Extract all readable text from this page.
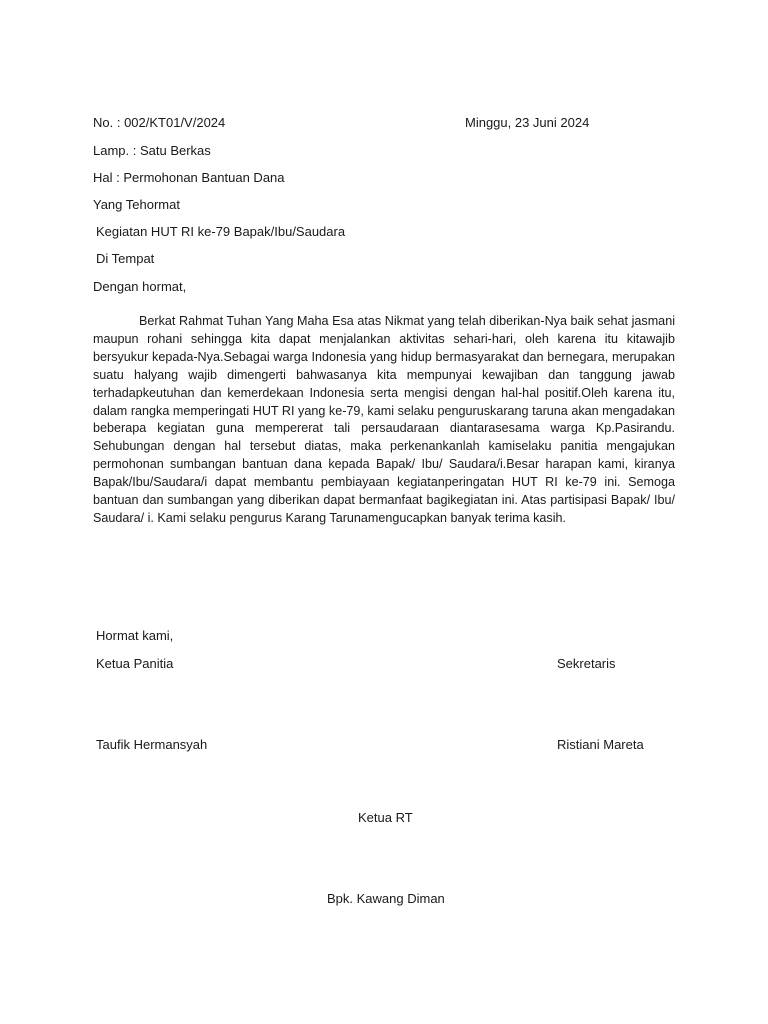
No. : 002/KT01/V/2024	Minggu, 23 Juni 2024
Lamp. : Satu Berkas
Hal : Permohonan Bantuan Dana
Yang Tehormat
Kegiatan HUT RI ke-79 Bapak/Ibu/Saudara
Di Tempat
Dengan hormat,

Berkat Rahmat Tuhan Yang Maha Esa atas Nikmat yang telah diberikan-Nya baik sehat jasmani maupun rohani sehingga kita dapat menjalankan aktivitas sehari-hari, oleh karena itu kitawajib bersyukur kepada-Nya.Sebagai warga Indonesia yang hidup bermasyarakat dan bernegara, merupakan suatu halyang wajib dimengerti bahwasanya kita mempunyai kewajiban dan tanggung jawab terhadapkeutuhan dan kemerdekaan Indonesia serta mengisi dengan hal-hal positif.Oleh karena itu, dalam rangka memperingati HUT RI yang ke-79, kami selaku penguruskarang taruna akan mengadakan beberapa kegiatan guna mempererat tali persaudaraan diantarasesama warga Kp.Pasirandu. Sehubungan dengan hal tersebut diatas, maka perkenankanlah kamiselaku panitia mengajukan permohonan sumbangan bantuan dana kepada Bapak/ Ibu/ Saudara/i.Besar harapan kami, kiranya Bapak/Ibu/Saudara/i dapat membantu pembiayaan kegiatanperingatan HUT RI ke-79 ini. Semoga bantuan dan sumbangan yang diberikan dapat bermanfaat bagikegiatan ini. Atas partisipasi Bapak/ Ibu/ Saudara/ i. Kami selaku pengurus Karang Tarunamengucapkan banyak terima kasih.

Hormat kami,
Ketua Panitia	Sekretaris
Taufik Hermansyah	Ristiani Mareta
Ketua RT
Bpk. Kawang Diman
